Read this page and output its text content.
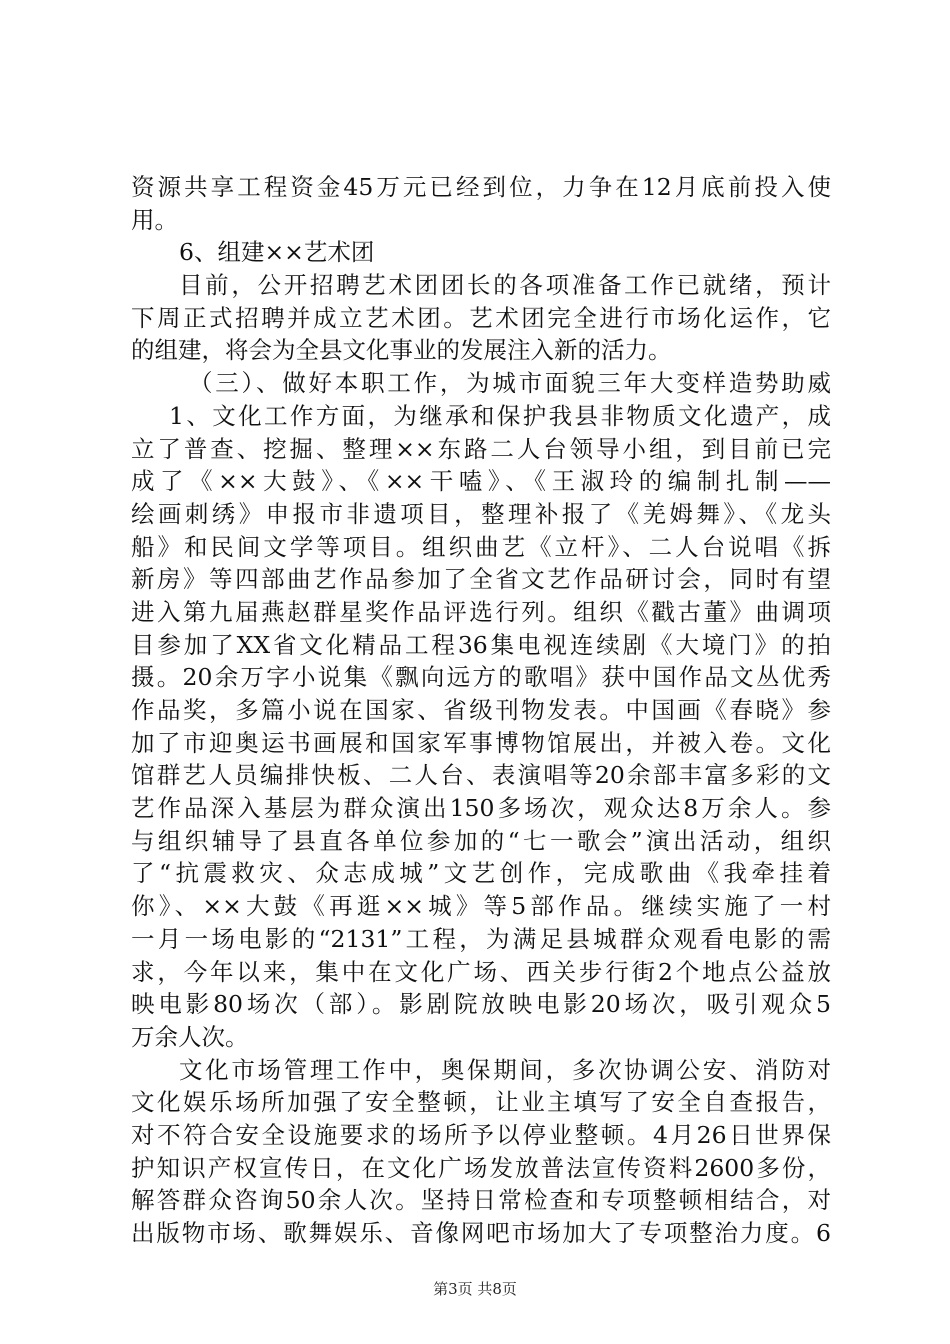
资源共享工程资金45万元已经到位，力争在12月底前投入使
用。
6、组建××艺术团
目前，公开招聘艺术团团长的各项准备工作已就绪，预计
下周正式招聘并成立艺术团。艺术团完全进行市场化运作，它
的组建，将会为全县文化事业的发展注入新的活力。
（三）、做好本职工作，为城市面貌三年大变样造势助威
1、文化工作方面，为继承和保护我县非物质文化遗产，成
立了普查、挖掘、整理××东路二人台领导小组，到目前已完
成了《××大鼓》、《××干嗑》、《王淑玲的编制扎制——
绘画刺绣》申报市非遗项目，整理补报了《羌姆舞》、《龙头
船》和民间文学等项目。组织曲艺《立杆》、二人台说唱《拆
新房》等四部曲艺作品参加了全省文艺作品研讨会，同时有望
进入第九届燕赵群星奖作品评选行列。组织《戳古董》曲调项
目参加了XX省文化精品工程36集电视连续剧《大境门》的拍
摄。20余万字小说集《飘向远方的歌唱》获中国作品文丛优秀
作品奖，多篇小说在国家、省级刊物发表。中国画《春晓》参
加了市迎奥运书画展和国家军事博物馆展出，并被入卷。文化
馆群艺人员编排快板、二人台、表演唱等20余部丰富多彩的文
艺作品深入基层为群众演出150多场次，观众达8万余人。参
与组织辅导了县直各单位参加的“七一歌会”演出活动，组织
了“抗震救灾、众志成城”文艺创作，完成歌曲《我牵挂着
你》、××大鼓《再逛××城》等5部作品。继续实施了一村
一月一场电影的“2131”工程，为满足县城群众观看电影的需
求，今年以来，集中在文化广场、西关步行街2个地点公益放
映电影80场次（部）。影剧院放映电影20场次，吸引观众5
万余人次。
文化市场管理工作中，奥保期间，多次协调公安、消防对
文化娱乐场所加强了安全整顿，让业主填写了安全自查报告，
对不符合安全设施要求的场所予以停业整顿。4月26日世界保
护知识产权宣传日，在文化广场发放普法宣传资料2600多份，
解答群众咨询50余人次。坚持日常检查和专项整顿相结合，对
出版物市场、歌舞娱乐、音像网吧市场加大了专项整治力度。6
第3页 共8页
